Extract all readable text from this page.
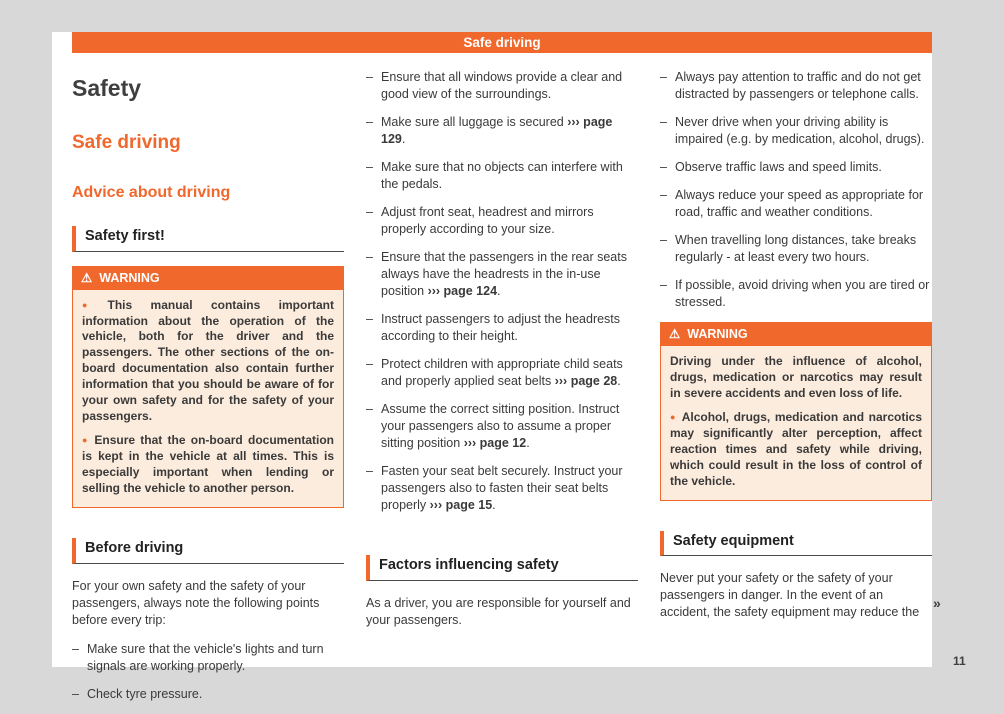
Safe driving
Safety
Safe driving
Advice about driving
Safety first!
⚠ WARNING
● This manual contains important information about the operation of the vehicle, both for the driver and the passengers. The other sections of the on-board documentation also contain further information that you should be aware of for your own safety and for the safety of your passengers.
● Ensure that the on-board documentation is kept in the vehicle at all times. This is especially important when lending or selling the vehicle to another person.
Before driving
For your own safety and the safety of your passengers, always note the following points before every trip:
– Make sure that the vehicle's lights and turn signals are working properly.
– Check tyre pressure.
– Ensure that all windows provide a clear and good view of the surroundings.
– Make sure all luggage is secured ››› page 129.
– Make sure that no objects can interfere with the pedals.
– Adjust front seat, headrest and mirrors properly according to your size.
– Ensure that the passengers in the rear seats always have the headrests in the in-use position ››› page 124.
– Instruct passengers to adjust the headrests according to their height.
– Protect children with appropriate child seats and properly applied seat belts ››› page 28.
– Assume the correct sitting position. Instruct your passengers also to assume a proper sitting position ››› page 12.
– Fasten your seat belt securely. Instruct your passengers also to fasten their seat belts properly ››› page 15.
Factors influencing safety
As a driver, you are responsible for yourself and your passengers.
– Always pay attention to traffic and do not get distracted by passengers or telephone calls.
– Never drive when your driving ability is impaired (e.g. by medication, alcohol, drugs).
– Observe traffic laws and speed limits.
– Always reduce your speed as appropriate for road, traffic and weather conditions.
– When travelling long distances, take breaks regularly - at least every two hours.
– If possible, avoid driving when you are tired or stressed.
⚠ WARNING
Driving under the influence of alcohol, drugs, medication or narcotics may result in severe accidents and even loss of life.
● Alcohol, drugs, medication and narcotics may significantly alter perception, affect reaction times and safety while driving, which could result in the loss of control of the vehicle.
Safety equipment
Never put your safety or the safety of your passengers in danger. In the event of an accident, the safety equipment may reduce the
»
11
